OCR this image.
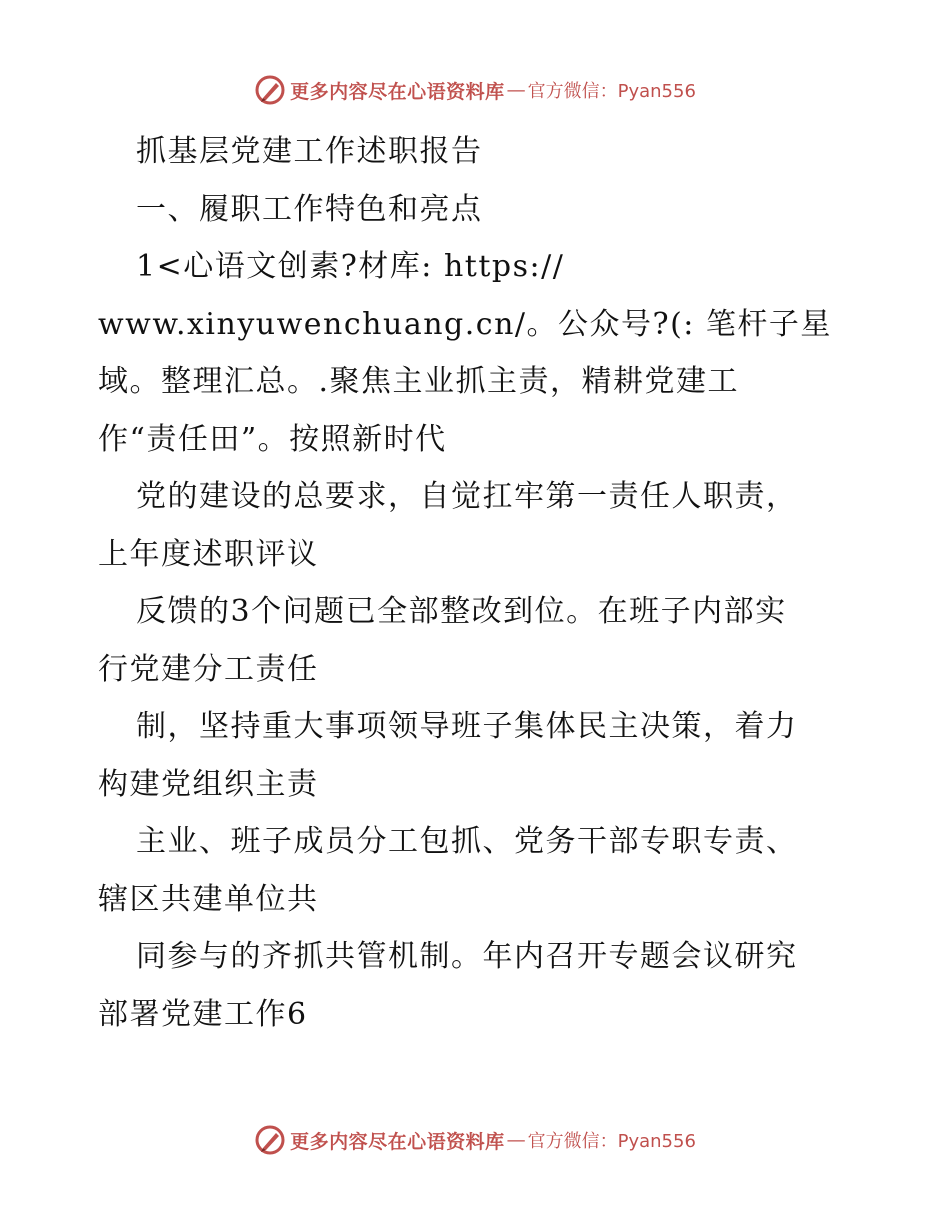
更多内容尽在心语资料库 — 官方微信：Pyan556
抓基层党建工作述职报告
一、履职工作特色和亮点
1<心语文创素?材库: https://
www.xinyuwenchuang.cn/。公众号?(: 笔杆子星
域。整理汇总。.聚焦主业抓主责，精耕党建工
作“责任田”。按照新时代
党的建设的总要求，自觉扛牢第一责任人职责，
上年度述职评议
反馈的3个问题已全部整改到位。在班子内部实
行党建分工责任
制，坚持重大事项领导班子集体民主决策，着力
构建党组织主责
主业、班子成员分工包抓、党务干部专职专责、
辖区共建单位共
同参与的齐抓共管机制。年内召开专题会议研究
部署党建工作6
更多内容尽在心语资料库 — 官方微信：Pyan556
